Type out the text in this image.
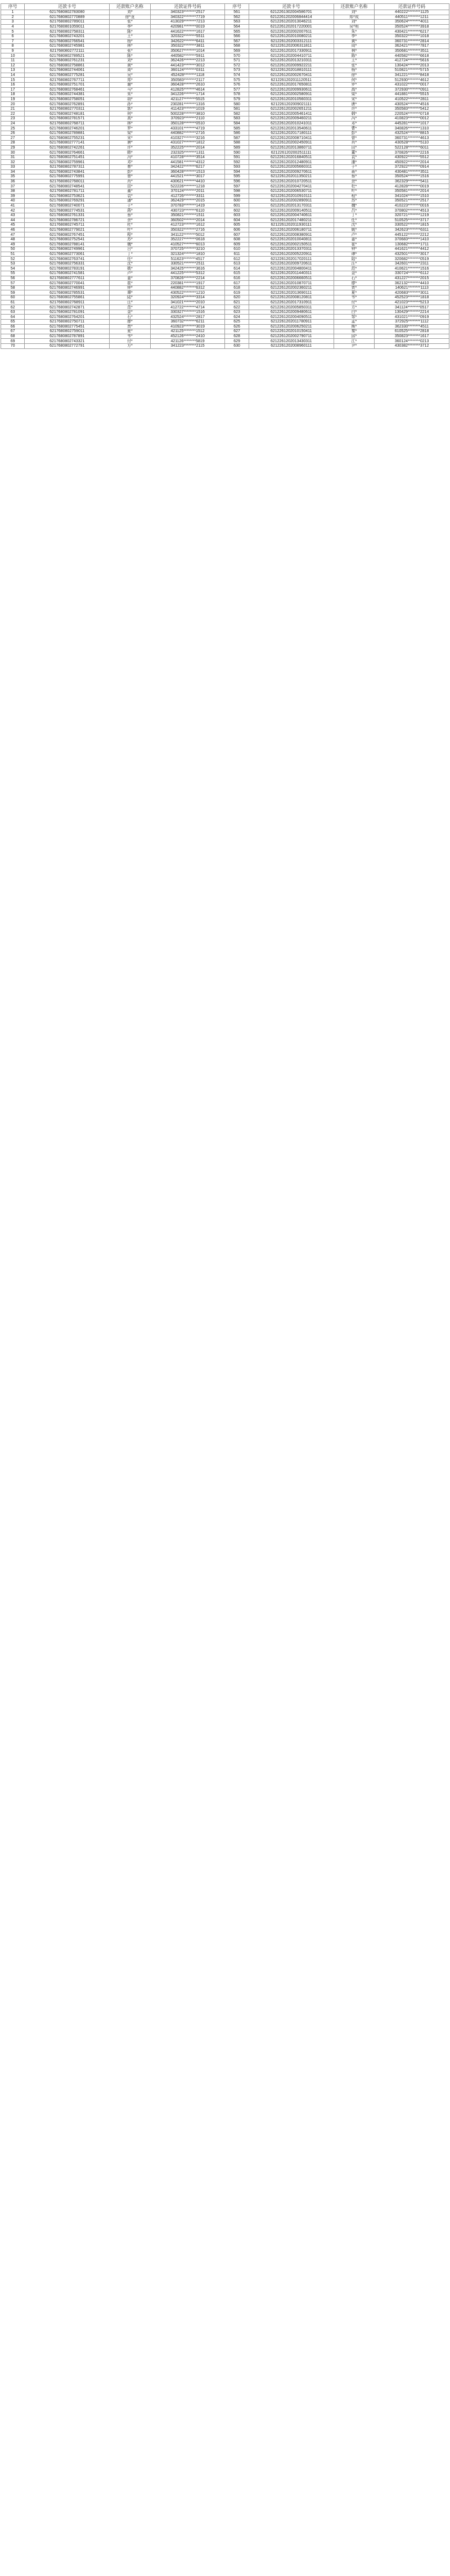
序号	还款卡号	还款账户名称	还款证件号码	序号	还款卡号	还款账户名称	还款证件号码
1	6217680802783080	刘*	340323********2517	561	6212261302004586701	刘*	440222********1125
2	6217680802770889	徐*龙	340322********7719	562	6212261202006844414	郑*成	440511********1211
3	6217680802789011	张*	413029********7213	563	6212261202013046211	刘*	350624********4011
4	6217680801059011	李*	420981********0019	564	6212261202017220001	吴*明	350524********3918
5	6217680802758311	陈*	441622********1617	565	6212261202002007611	朱*	430421********6217
6	6217680802743201	王*	320322********5511	566	6212261202010080211	李*	350322********1018
7	6217680802766541	杨*	342622********6411	567	6212261202003312111	黄*	360731********2814
8	6217680802745981	林*	350322********3811	568	6212261202006311811	周*	362421********7817
9	6217680802772111	张*	350627********1014	569	6212261202017330911	林*	350681********3511
10	6217680802789521	陈*	440582********5911	570	6212261202004410711	陈*	440582********6618
11	6217680802761231	刘*	362426********2213	571	6212261202013210311	王*	412724********5616
12	6217680802758861	黄*	441423********3012	572	6212261202009922211	张*	130424********2013
13	6217680802744061	周*	360124********0311	573	6212261202018810111	杨*	510821********5715
14	6217680802775281	吴*	452428********1118	574	6212261202002670411	徐*	341221********8418
15	6217680802767711	郑*	350583********2117	575	6212261202011120511	何*	512930********4612
16	6217680802751701	谢*	360428********2610	576	6212261202017650811	罗*	431022********0017
17	6217680802768461	马*	412825********4614	577	6212261202009930611	高*	372930********0911
18	6217680802744381	朱*	341226********1714	578	6212261202002580911	梁*	441881********5515
19	6217680802758051	胡*	421127********5515	579	6212261202010560311	宋*	410522********2811
20	6217680802762891	孙*	230281********1316	580	6212261202009021111	唐*	430524********4516
21	6217680802770311	郭*	411423********1019	581	6212261202002651211	许*	350583********5412
22	6217680802748181	何*	500228********3810	582	6212261202005461411	韩*	220524********0718
23	6217680802781571	高*	370923********2110	583	6212261202009460211	冯*	410823********0012
24	6217680802768711	林*	350128********0510	584	6212261202010241011	邓*	445281********1017
25	6217680802746201	罗*	433101********4719	585	6212261202013540611	曹*	340826********1310
26	6217680802789881	梁*	440882********2716	586	6212261202017180111	彭*	432524********8815
27	6217680802755231	宋*	410327********3216	587	6212261202008710411	曾*	360731********4613
28	6217680802777141	唐*	431027********1812	588	6212261202002450911	肖*	430528********5110
29	6217680802742261	许*	352225********2014	589	6212261202013860711	田*	522128********6011
30	6217680802764661	韩*	232325********1311	590	6212261202002511111	董*	370826********2216
31	6217680802751451	冯*	410728********3514	591	6212261202016840511	袁*	430922********5512
32	6217680802759961	邓*	441581********4312	592	6212261202012480911	潘*	450922********2014
33	6217680802787311	曹*	342422********6217	593	6212261202005660311	于*	372922********0914
34	6217680802743841	彭*	360428********1513	594	6212261202009270611	蒋*	430481********3511
35	6217680802775991	曾*	441521********3017	595	6212261202011350211	蔡*	350524********1516
36	6217680802768011	肖*	430621********4410	596	6212261202010720511	余*	362329********5411
37	6217680802748541	田*	522226********1218	597	6212261202004270411	杜*	412828********0019
38	6217680802781711	董*	370124********2011	598	6212261202006530711	叶*	350581********2014
39	6217680802753621	袁*	412726********3311	599	6212261202010910111	程*	341024********1510
40	6217680802769291	潘*	362429********2015	600	6212261202002890911	苏*	350521********2517
41	6217680802740071	于*	370783********1419	601	6212261202013170311	魏*	410223********0016
42	6217680802774531	蒋*	430723********6110	602	6212261202009140511	吕*	370802********4513
43	6217680802761331	蔡*	350821********1511	603	6212261202004740611	丁*	320721********1219
44	6217680802786721	余*	360502********2014	604	6212261202017480211	任*	510525********3717
45	6217680802745711	杜*	412723********1612	605	6212261202011930111	沈*	330522********1815
46	6217680802779021	叶*	350322********2716	606	6212261202006180711	姚*	342623********6311
47	6217680802767451	程*	341122********5012	607	6212261202008380911	卢*	445122********2212
48	6217680802752541	苏*	352227********0618	608	6212261202010040811	姜*	370683********1410
49	6217680802788141	魏*	410527********6013	609	6212261202002150511	崔*	130682********1711
50	6217680802749961	吕*	370725********3210	610	6212261202013370311	钟*	441621********4412
51	6217680802773061	丁*	321324********1810	611	6212261202005220911	谭*	432501********3017
52	6217680802763741	任*	511623********4517	612	6212261202017020111	陆*	320682********0519
53	6217680802756331	沈*	330521********2511	613	6212261202009720611	汪*	342601********2311
54	6217680802783191	姚*	342425********3616	614	6212261202004800411	范*	410621********1516
55	6217680802741581	卢*	441225********5312	615	6212261202011440311	金*	330724********6112
56	6217680802777611	姜*	370826********2214	616	6212261202006660511	石*	431227********2015
57	6217680802770041	崔*	220381********1917	617	6212261202010870711	廖*	362132********4410
58	6217680802746991	钟*	440882********6312	618	6212261202002360211	贾*	140621********1113
59	6217680802785531	谭*	430522********1210	619	6212261202013690111	夏*	420683********3011
60	6217680802755861	陆*	320924********3314	620	6212261202008120811	韦*	452523********1818
61	6217680802768911	汪*	341021********2010	621	6212261202017310911	付*	421023********5213
62	6217680802742871	范*	412722********4714	622	6212261202005850311	方*	341124********0517
63	6217680802781091	金*	330327********1516	623	6212261202009480611	白*	130429********2214
64	6217680802764201	石*	432524********2817	624	6212261202004090511	邹*	431021********0919
65	6217680802750711	廖*	360732********6211	625	6212261202011780911	孟*	372925********1112
66	6217680802775451	贾*	410923********3019	626	6212261202006250211	熊*	362330********4511
67	6217680802759011	夏*	421125********1512	627	6212261202010150411	秦*	610525********2818
68	6217680802787891	韦*	452126********2410	628	6212261202002790711	邱*	350823********1617
69	6217680802743321	付*	421126********5819	629	6212261202013430311	江*	360124********0213
70	6217680802772791	方*	341223********2115	630	6212261202008960111	尹*	430382********3712
